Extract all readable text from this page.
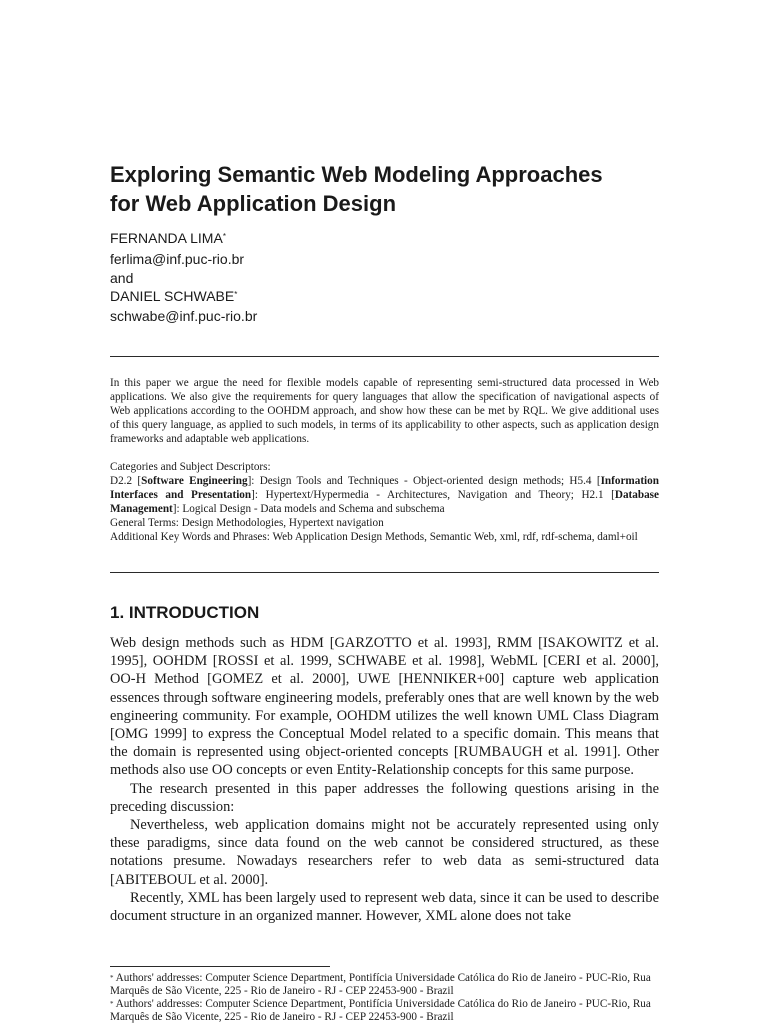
Exploring Semantic Web Modeling Approaches
for Web Application Design
FERNANDA LIMA*
ferlima@inf.puc-rio.br
and
DANIEL SCHWABE*
schwabe@inf.puc-rio.br

In this paper we argue the need for flexible models capable of representing semi-structured data processed in Web applications. We also give the requirements for query languages that allow the specification of navigational aspects of Web applications according to the OOHDM approach, and show how these can be met by RQL. We give additional uses of this query language, as applied to such models, in terms of its applicability to other aspects, such as application design frameworks and adaptable web applications.

Categories and Subject Descriptors:

D2.2 [Software Engineering]: Design Tools and Techniques - Object-oriented design methods; H5.4 [Information Interfaces and Presentation]: Hypertext/Hypermedia - Architectures, Navigation and Theory; H2.1 [Database Management]: Logical Design - Data models and Schema and subschema

General Terms: Design Methodologies, Hypertext navigation

Additional Key Words and Phrases: Web Application Design Methods, Semantic Web, xml, rdf, rdf-schema, daml+oil

1. INTRODUCTION

Web design methods such as HDM [GARZOTTO et al. 1993], RMM [ISAKOWITZ et al. 1995], OOHDM [ROSSI et al. 1999, SCHWABE et al. 1998], WebML [CERI et al. 2000], OO-H Method [GOMEZ et al. 2000], UWE [HENNIKER+00] capture web application essences through software engineering models, preferably ones that are well known by the web engineering community. For example, OOHDM utilizes the well known UML Class Diagram [OMG 1999] to express the Conceptual Model related to a specific domain. This means that the domain is represented using object-oriented concepts [RUMBAUGH et al. 1991]. Other methods also use OO concepts or even Entity-Relationship concepts for this same purpose.

The research presented in this paper addresses the following questions arising in the preceding discussion:

Nevertheless, web application domains might not be accurately represented using only these paradigms, since data found on the web cannot be considered structured, as these notations presume. Nowadays researchers refer to web data as semi-structured data [ABITEBOUL et al. 2000].

Recently, XML has been largely used to represent web data, since it can be used to describe document structure in an organized manner. However, XML alone does not take

* Authors' addresses: Computer Science Department, Pontifícia Universidade Católica do Rio de Janeiro - PUC-Rio, Rua Marquês de São Vicente, 225 - Rio de Janeiro - RJ - CEP 22453-900 - Brazil

* Authors' addresses: Computer Science Department, Pontifícia Universidade Católica do Rio de Janeiro - PUC-Rio, Rua Marquês de São Vicente, 225 - Rio de Janeiro - RJ - CEP 22453-900 - Brazil
